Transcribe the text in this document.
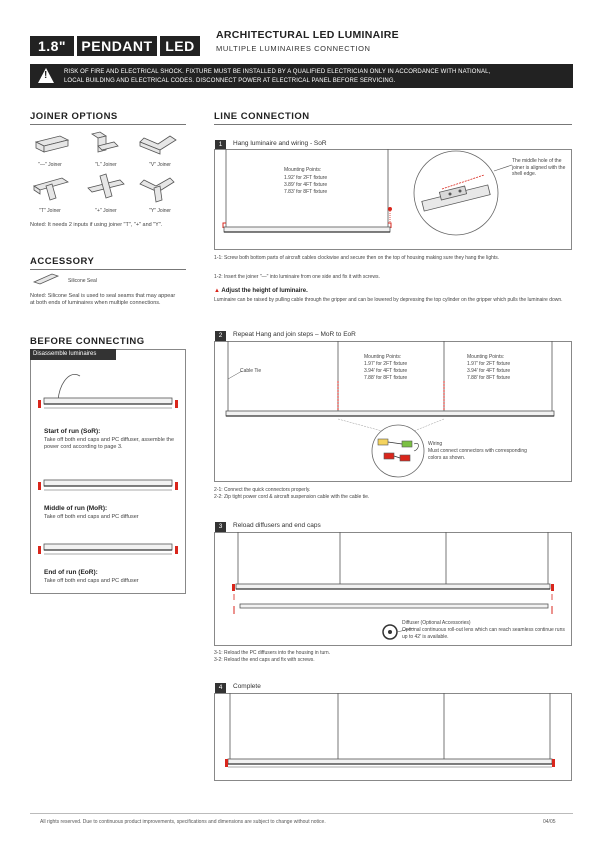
1.8"	PENDANT LED
ARCHITECTURAL LED LUMINAIRE
MULTIPLE LUMINAIRES CONNECTION
!	RISK OF FIRE AND ELECTRICAL SHOCK. FIXTURE MUST BE INSTALLED BY A QUALIFIED ELECTRICIAN ONLY IN ACCORDANCE WITH NATIONAL,
LOCAL BUILDING AND ELECTRICAL CODES. DISCONNECT POWER AT ELECTRICAL PANEL BEFORE SERVICING.
JOINER OPTIONS
"—" Joiner	"L" Joiner	"V" Joiner
"T" Joiner	"+" Joiner	"Y" Joiner
Noted: It needs 2 inputs if using joiner "T", "+" and "Y".
ACCESSORY
Silicone Seal
Noted: Silicone Seal is used to seal seams that may appear at both ends of luminaires when multiple connections.
BEFORE CONNECTING
Disassemble luminaires
Start of run (SoR):
Take off both end caps and PC diffuser, assemble the power cord according to page 3.
Middle of run (MoR):
Take off both end caps and PC diffuser
End of run (EoR):
Take off both end caps and PC diffuser
LINE CONNECTION
1	Hang luminaire and wiring - SoR
Mounting Points:
1.92' for 2FT fixture
3.89' for 4FT fixture
7.83' for 8FT fixture
The middle hole of the joiner is aligned with the shell edge.
1-1: Screw both bottom parts of aircraft cables clockwise and secure then on the top of housing making sure they hang the lights.
1-2: Insert the joiner "—" into luminaire from one side and fix it with screws.
▲ Adjust the height of luminaire.
Luminaire can be raised by pulling cable through the gripper and can be lowered by depressing the top cylinder on the gripper which pulls the luminaire down.
2	Repeat Hang and join steps – MoR to EoR
Cable Tie
Mounting Points:
1.97' for 2FT fixture
3.94' for 4FT fixture
7.88' for 8FT fixture
Mounting Points:
1.97' for 2FT fixture
3.94' for 4FT fixture
7.88' for 8FT fixture
Wiring
Must connect connectors with corresponding colors as shown.
2-1: Connect the quick connectors properly.
2-2: Zip tight power cord & aircraft suspension cable with the cable tie.
3	Reload diffusers and end caps
Diffuser (Optional Accessories)
Optional continuous roll-out lens which can reach seamless continue runs up to 42' is available.
3-1: Reload the PC diffusers into the housing in turn.
3-2: Reload the end caps and fix with screws.
4	Complete
All rights reserved. Due to continuous product improvements, specifications and dimensions are subject to change without notice.	04/05
